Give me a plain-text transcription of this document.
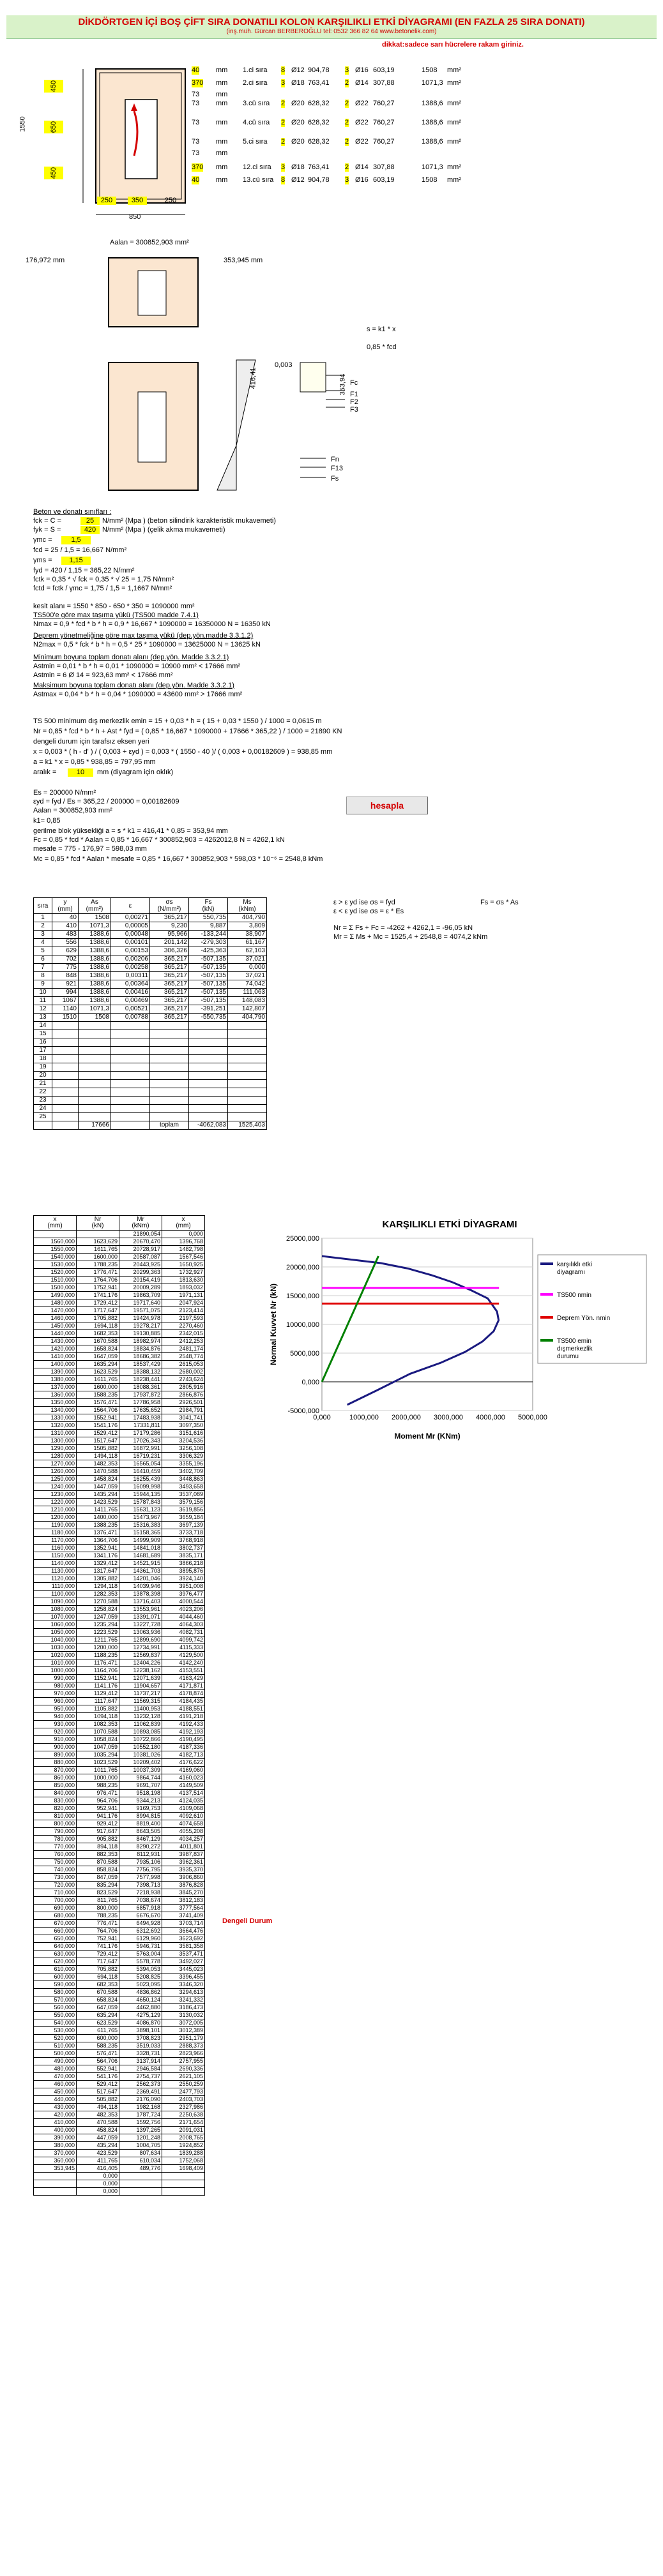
DİKDÖRTGEN İÇİ BOŞ ÇİFT SIRA DONATILI KOLON KARŞILIKLI ETKİ DİYAGRAMI (EN FAZLA 25 SIRA DONATI)
(inş.müh. Gürcan BERBEROĞLU tel: 0532 366 82 64 www.betonelik.com)
dikkat:sadece sarı hücrelere rakam giriniz.
450
650
450
1550
250	350	250
850
Aalan = 300852,903 mm²
40 mm 1.ci sıra 8 Ø12 904,78 3 Ø16 603,19	1508 mm²
370 mm 2.ci sıra 3 Ø18 763,41 2 Ø14 307,88	1071,3 mm²
73 mm
73 mm 3.cü sıra 2 Ø20 628,32 2 Ø22 760,27	1388,6 mm²
73 mm 4.cü sıra 2 Ø20 628,32 2 Ø22 760,27	1388,6 mm²
73 mm 5.ci sıra 2 Ø20 628,32 2 Ø22 760,27	1388,6 mm²
73 mm
370 mm 12.ci sıra 3 Ø18 763,41 2 Ø14 307,88	1071,3 mm²
40 mm 13.cü sıra 8 Ø12 904,78 3 Ø16 603,19	1508 mm²
176,972 mm	353,945 mm
s = k1 * x
0,85 * fcd
416,41	353,94
0,003
Fc
F1
F2
F3
Fn
F13
Fs
Beton ve donatı sınıfları :
fck = C =	25	N/mm² (Mpa ) (beton silindirik karakteristik mukavemeti)
fyk = S =	420 N/mm² (Mpa ) (çelik akma mukavemeti)
γmc =	1,5
fcd = 25 / 1,5 = 16,667 N/mm²
γms =	1,15
fyd = 420 / 1,15 = 365,22 N/mm²
fctk = 0,35 * √ fck = 0,35 * √ 25 = 1,75 N/mm²
fctd = fctk / γmc = 1,75 / 1,5 = 1,1667 N/mm²
kesit alanı = 1550 * 850 - 650 * 350 = 1090000 mm²
TS500'e göre max taşıma yükü (TS500 madde 7.4.1)
Nmax = 0,9 * fcd * b * h = 0,9 * 16,667 * 1090000 = 16350000 N = 16350 kN
Deprem yönetmeliğine göre max taşıma yükü (dep.yön.madde 3.3.1.2)
N2max = 0,5 * fck * b * h = 0,5 * 25 * 1090000 = 13625000 N = 13625 kN
Minimum boyuna toplam donatı alanı (dep.yön. Madde 3.3.2.1)
Astmin = 0,01 * b * h = 0,01 * 1090000 = 10900 mm² < 17666 mm²
Astmin = 6 Ø 14 = 923,63 mm² < 17666 mm²
Maksimum boyuna toplam donatı alanı (dep.yön. Madde 3.3.2.1)
Astmax = 0,04 * b * h = 0,04 * 1090000 = 43600 mm² > 17666 mm²
TS 500 minimum dış merkezlik emin = 15 + 0,03 * h = ( 15 + 0,03 * 1550 ) / 1000 = 0,0615 m
Nr = 0,85 * fcd * b * h + Ast * fyd = ( 0,85 * 16,667 * 1090000 + 17666 * 365,22 ) / 1000 = 21890 KN
dengeli durum için tarafsız eksen yeri
x = 0,003 * ( h - d' ) / ( 0,003 + εyd ) = 0,003 * ( 1550 - 40 )/ ( 0,003 + 0,00182609 ) = 938,85 mm
a = k1 * x = 0,85 * 938,85 = 797,95 mm
aralık =	10	mm (diyagram için oklık)
Es = 200000 N/mm²
εyd = fyd / Es = 365,22 / 200000 = 0,00182609
Aalan = 300852,903 mm²
k1= 0,85
gerilme blok yüksekliği a = s * k1 = 416,41 * 0,85 = 353,94 mm
Fc = 0,85 * fcd * Aalan = 0,85 * 16,667 * 300852,903 = 4262012,8 N = 4262,1 kN
mesafe = 775 - 176,97 = 598,03 mm
Mc = 0,85 * fcd * Aalan * mesafe = 0,85 * 16,667 * 300852,903 * 598,03 * 10⁻⁶ = 2548,8 kNm
hesapla
sıra	y
(mm)	As
(mm²)	ε	σs
(N/mm²)	Fs
(kN)	Ms
(kNm)
1	40	1508	0,00271	365,217	550,735	404,790
2	410	1071,3	0,00005	9,230	9,887	3,809
3	483	1388,6	0,00048	95,966	-133,244	38,907
4	556	1388,6	0,00101	201,142	-279,303	61,167
5	629	1388,6	0,00153	306,326	-425,363	62,103
6	702	1388,6	0,00206	365,217	-507,135	37,021
7	775	1388,6	0,00258	365,217	-507,135	0,000
8	848	1388,6	0,00311	365,217	-507,135	37,021
9	921	1388,6	0,00364	365,217	-507,135	74,042
10	994	1388,6	0,00416	365,217	-507,135	111,063
11	1067	1388,6	0,00469	365,217	-507,135	148,083
12	1140	1071,3	0,00521	365,217	-391,251	142,807
13	1510	1508	0,00788	365,217	-550,735	404,790
14						
15						
16						
17						
18						
19						
20						
21						
22						
23						
24						
25						
		17666		toplam	-4062,083	1525,403
ε > ε yd ise σs = fyd
ε < ε yd ise σs = ε * Es
Fs = σs * As
Nr = Σ Fs + Fc = -4262 + 4262,1 = -96,05 kN
Mr = Σ Ms + Mc = 1525,4 + 2548,8 = 4074,2 kNm
x
(mm)	Nr
(kN)	Mr
(kNm)	x
(mm)
		21890,054	0,000
1560,000	1623,629	20670,470	1396,768
1550,000	1611,765	20728,917	1482,798
1540,000	1600,000	20587,087	1567,546
1530,000	1788,235	20443,925	1650,925
1520,000	1776,471	20299,363	1732,927
1510,000	1764,706	20154,419	1813,630
1500,000	1752,941	20009,289	1893,032
1490,000	1741,176	19863,709	1971,131
1480,000	1729,412	19717,640	2047,924
1470,000	1717,647	19571,075	2123,414
1460,000	1705,882	19424,978	2197,593
1450,000	1694,118	19278,217	2270,460
1440,000	1682,353	19130,885	2342,015
1430,000	1670,588	18982,974	2412,253
1420,000	1658,824	18834,876	2481,174
1410,000	1647,059	18686,382	2548,774
1400,000	1635,294	18537,429	2615,053
1390,000	1623,529	18388,132	2680,002
1380,000	1611,765	18238,441	2743,624
1370,000	1600,000	18088,361	2805,916
1360,000	1588,235	17937,872	2866,876
1350,000	1576,471	17786,958	2926,501
1340,000	1564,706	17635,652	2984,791
1330,000	1552,941	17483,938	3041,741
1320,000	1541,176	17331,811	3097,350
1310,000	1529,412	17179,286	3151,616
1300,000	1517,647	17026,343	3204,536
1290,000	1505,882	16872,991	3256,108
1280,000	1494,118	16719,231	3306,329
1270,000	1482,353	16565,054	3355,196
1260,000	1470,588	16410,459	3402,709
1250,000	1458,824	16255,439	3448,863
1240,000	1447,059	16099,998	3493,658
1230,000	1435,294	15944,135	3537,089
1220,000	1423,529	15787,843	3579,156
1210,000	1411,765	15631,123	3619,856
1200,000	1400,000	15473,967	3659,184
1190,000	1388,235	15316,383	3697,139
1180,000	1376,471	15158,365	3733,718
1170,000	1364,706	14999,909	3768,918
1160,000	1352,941	14841,018	3802,737
1150,000	1341,176	14681,689	3835,171
1140,000	1329,412	14521,915	3866,218
1130,000	1317,647	14361,703	3895,876
1120,000	1305,882	14201,046	3924,140
1110,000	1294,118	14039,946	3951,008
1100,000	1282,353	13878,398	3976,477
1090,000	1270,588	13716,403	4000,544
1080,000	1258,824	13553,961	4023,206
1070,000	1247,059	13391,071	4044,460
1060,000	1235,294	13227,728	4064,303
1050,000	1223,529	13063,936	4082,731
1040,000	1211,765	12899,690	4099,742
1030,000	1200,000	12734,991	4115,333
1020,000	1188,235	12569,837	4129,500
1010,000	1176,471	12404,226	4142,240
1000,000	1164,706	12238,162	4153,551
990,000	1152,941	12071,639	4163,429
980,000	1141,176	11904,657	4171,871
970,000	1129,412	11737,217	4178,874
960,000	1117,647	11569,315	4184,435
950,000	1105,882	11400,953	4188,551
940,000	1094,118	11232,128	4191,218
930,000	1082,353	11062,839	4192,433
920,000	1070,588	10893,085	4192,193
910,000	1058,824	10722,866	4190,495
900,000	1047,059	10552,180	4187,336
890,000	1035,294	10381,026	4182,713
880,000	1023,529	10209,402	4176,622
870,000	1011,765	10037,309	4169,060
860,000	1000,000	9864,744	4160,023
850,000	988,235	9691,707	4149,509
840,000	976,471	9518,198	4137,514
830,000	964,706	9344,213	4124,035
820,000	952,941	9169,753	4109,068
810,000	941,176	8994,815	4092,610
800,000	929,412	8819,400	4074,658
790,000	917,647	8643,505	4055,208
780,000	905,882	8467,129	4034,257
770,000	894,118	8290,272	4011,801
760,000	882,353	8112,931	3987,837
750,000	870,588	7935,106	3962,361
740,000	858,824	7756,795	3935,370
730,000	847,059	7577,998	3906,860
720,000	835,294	7398,713	3876,828
710,000	823,529	7218,938	3845,270
700,000	811,765	7038,674	3812,183
690,000	800,000	6857,918	3777,564
680,000	788,235	6676,670	3741,409
670,000	776,471	6494,928	3703,714
660,000	764,706	6312,692	3664,476
650,000	752,941	6129,960	3623,692
640,000	741,176	5946,731	3581,358
630,000	729,412	5763,004	3537,471
620,000	717,647	5578,778	3492,027
610,000	705,882	5394,053	3445,023
600,000	694,118	5208,825	3396,455
590,000	682,353	5023,095	3346,320
580,000	670,588	4836,862	3294,613
570,000	658,824	4650,124	3241,332
560,000	647,059	4462,880	3186,473
550,000	635,294	4275,129	3130,032
540,000	623,529	4086,870	3072,005
530,000	611,765	3898,101	3012,389
520,000	600,000	3708,823	2951,179
510,000	588,235	3519,033	2888,373
500,000	576,471	3328,731	2823,966
490,000	564,706	3137,914	2757,955
480,000	552,941	2946,584	2690,336
470,000	541,176	2754,737	2621,105
460,000	529,412	2562,373	2550,259
450,000	517,647	2369,491	2477,793
440,000	505,882	2176,090	2403,703
430,000	494,118	1982,168	2327,986
420,000	482,353	1787,724	2250,638
410,000	470,588	1592,756	2171,654
400,000	458,824	1397,265	2091,031
390,000	447,059	1201,248	2008,765
380,000	435,294	1004,705	1924,852
370,000	423,529	807,634	1839,288
360,000	411,765	610,034	1752,068
353,945	416,405	489,776	1698,409
	0,000		
	0,000		
	0,000		
Dengeli Durum
KARŞILIKLI ETKİ DİYAGRAMI
25000,000
20000,000
15000,000
10000,000
5000,000
0,000
-5000,000
0,000	1000,000 2000,000 3000,000 4000,000 5000,000
Moment Mr (KNm)
Normal Kuvvet Nr (kN)
karşılıklı etki
diyagramı
TS500 nmin
Deprem Yön. nmin
TS500 emin
dışmerkezlik
durumu
